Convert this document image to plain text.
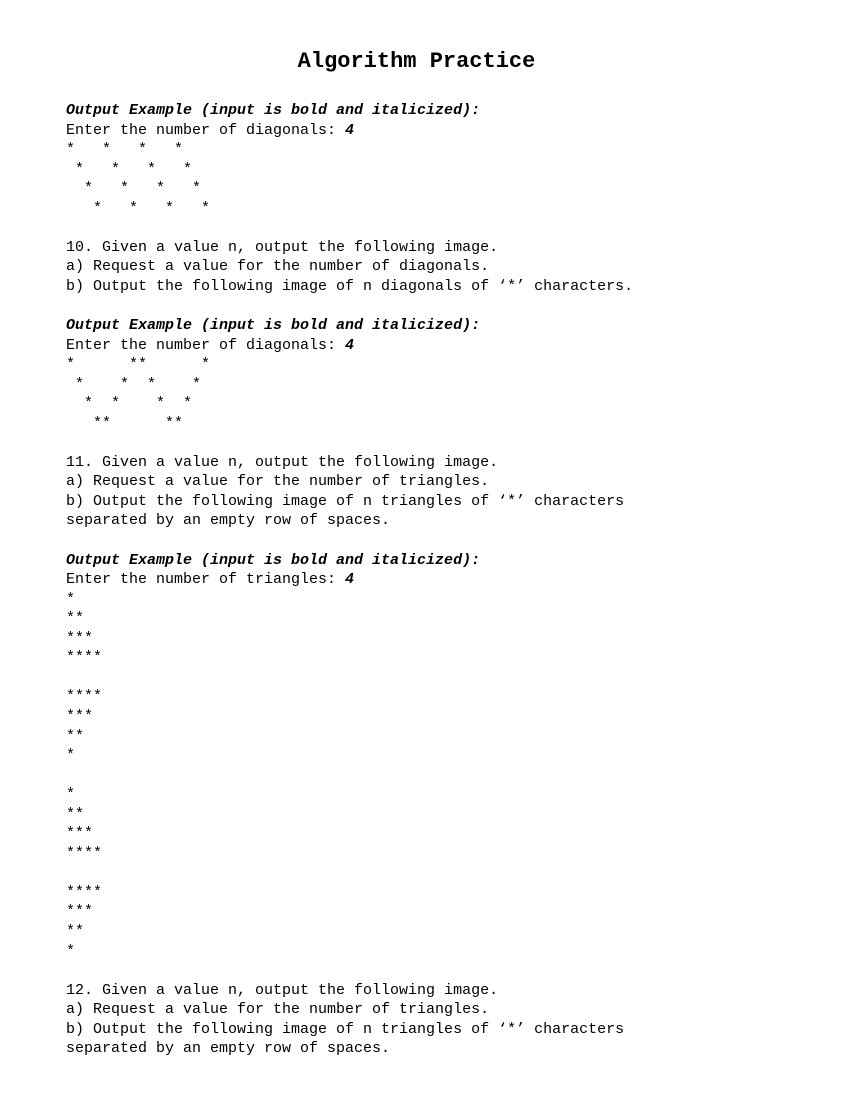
Algorithm Practice
Output Example (input is bold and italicized):
Enter the number of diagonals: 4
*   *   *   *
*   *   *   *
*   *   *   *
*   *   *   *
10. Given a value n, output the following image.
a) Request a value for the number of diagonals.
b) Output the following image of n diagonals of ‘*’ characters.
Output Example (input is bold and italicized):
Enter the number of diagonals: 4
*      **      *
*    *  *    *
*  *    *  *
**      **
11. Given a value n, output the following image.
a) Request a value for the number of triangles.
b) Output the following image of n triangles of ‘*’ characters
separated by an empty row of spaces.
Output Example (input is bold and italicized):
Enter the number of triangles: 4
*
**
***
****
****
***
**
*
*
**
***
****
****
***
**
*
12. Given a value n, output the following image.
a) Request a value for the number of triangles.
b) Output the following image of n triangles of ‘*’ characters
separated by an empty row of spaces.
